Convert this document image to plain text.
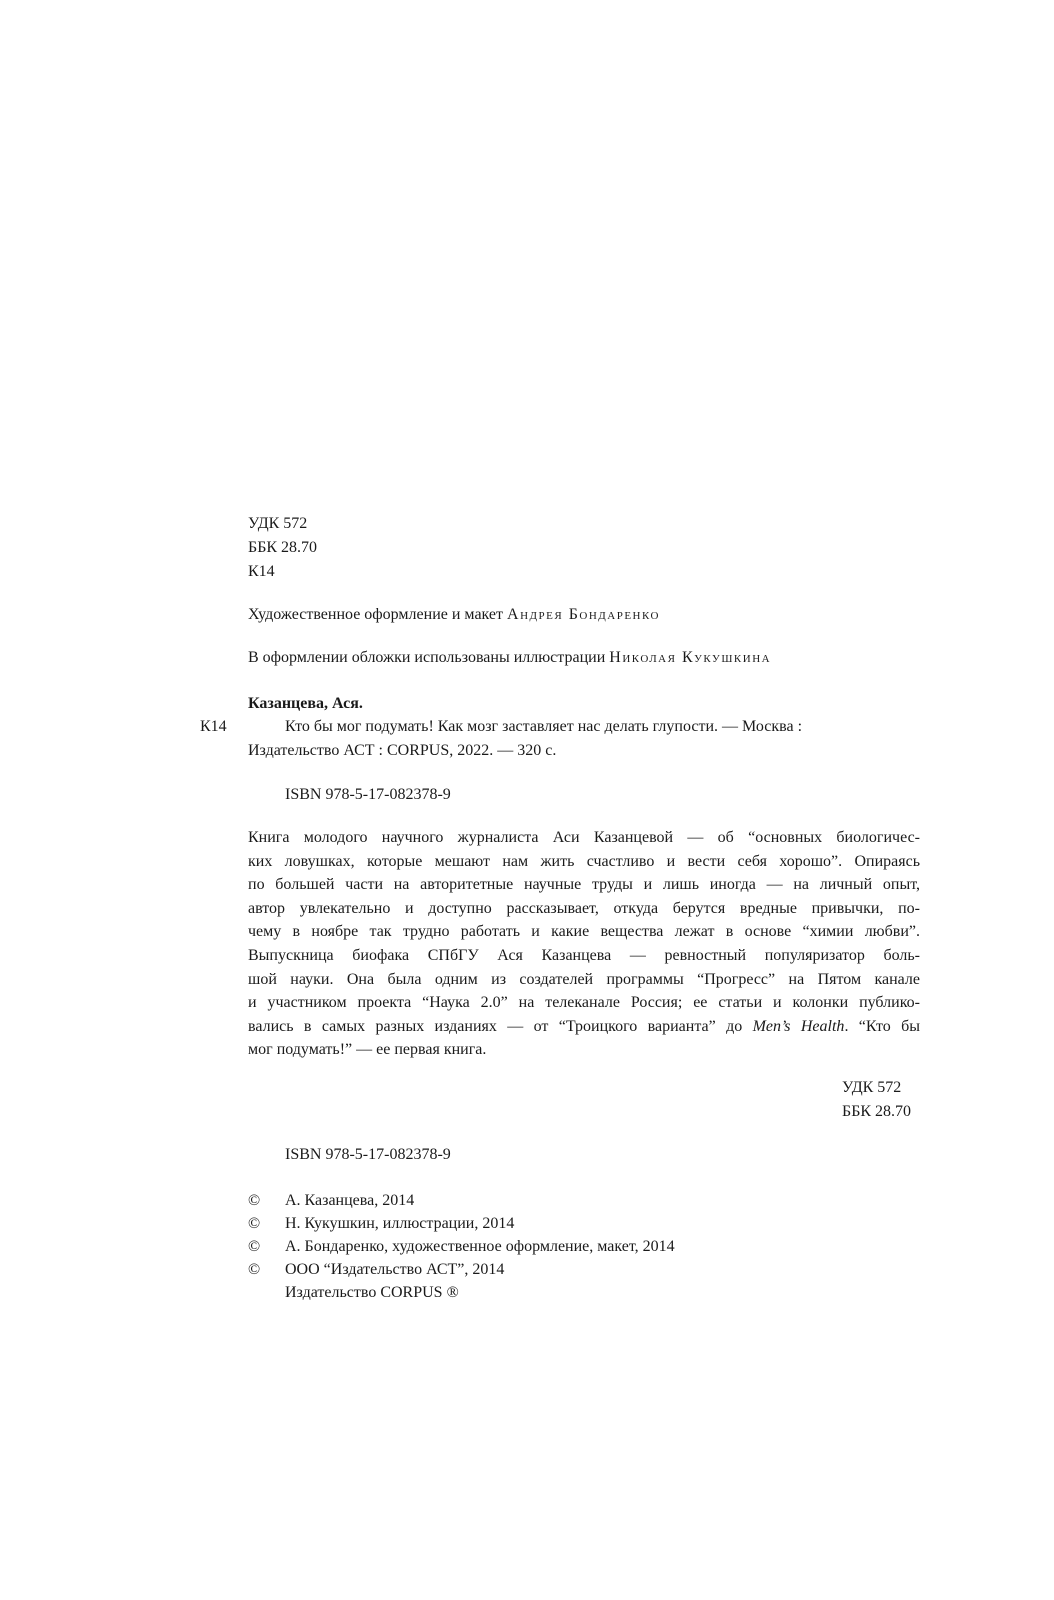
УДК 572
ББК 28.70
К14
Художественное оформление и макет Андрея Бондаренко
В оформлении обложки использованы иллюстрации Николая Кукушкина
Казанцева, Ася.
К14	Кто бы мог подумать! Как мозг заставляет нас делать глупости. — Москва :
Издательство АСТ : CORPUS, 2022. — 320 с.
ISBN 978-5-17-082378-9
Книга молодого научного журналиста Аси Казанцевой — об “основных биологичес-
ких ловушках, которые мешают нам жить счастливо и вести себя хорошо”. Опираясь
по большей части на авторитетные научные труды и лишь иногда — на личный опыт,
автор увлекательно и доступно рассказывает, откуда берутся вредные привычки, по-
чему в ноябре так трудно работать и какие вещества лежат в основе “химии любви”.
Выпускница биофака СПбГУ Ася Казанцева — ревностный популяризатор боль-
шой науки. Она была одним из создателей программы “Прогресс” на Пятом канале
и участником проекта “Наука 2.0” на телеканале Россия; ее статьи и колонки публико-
вались в самых разных изданиях — от “Троицкого варианта” до Men’s Health. “Кто бы
мог подумать!” — ее первая книга.
УДК 572
ББК 28.70
ISBN 978-5-17-082378-9
©	А. Казанцева, 2014
©	Н. Кукушкин, иллюстрации, 2014
©	А. Бондаренко, художественное оформление, макет, 2014
©	ООО “Издательство АСТ”, 2014
Издательство CORPUS ®
